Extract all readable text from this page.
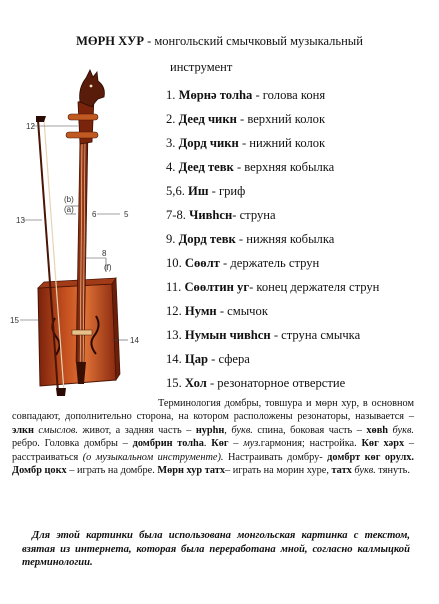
МӨРН ХУР - монгольский смычковый музыкальный
инструмент
12
(b)
(a)
6	5
13
8
(f)
15
14
1. Мөрнә толһа - голова коня
2. Деед чикн - верхний колок
3. Дорд чикн - нижний колок
4. Деед тевк - верхняя кобылка
5,6. Иш - гриф
7-8. Чивһсн- струна
9. Дорд тевк - нижняя кобылка
10. Сөөлт - держатель струн
11. Сөөлтин уг- конец держателя струн
12. Нумн - смычок
13. Нумын чивһсн - струна смычка
14. Цар - сфера
15. Хол - резонаторное отверстие
Терминология домбры, товшура и мөрн хур, в основном совпадают, дополнительно сторона, на котором расположены резонаторы, называется – элкн смыслов. живот, а задняя часть – нурһн, букв. спина, боковая часть – хөвһ букв. ребро. Головка домбры – домбрин толһа. Көг – муз.гармония; настройка. Көг хәрх – расстраиваться (о музыкальном инструменте). Настраивать домбру- домбрт көг орулх. Домбр цокх – играть на домбре. Мөрн хур татх– играть на морин хуре, татх букв. тянуть.
Для этой картинки была использована монгольская картинка с текстом, взятая из интернета, которая была переработана мной, согласно калмыцкой терминологии.
